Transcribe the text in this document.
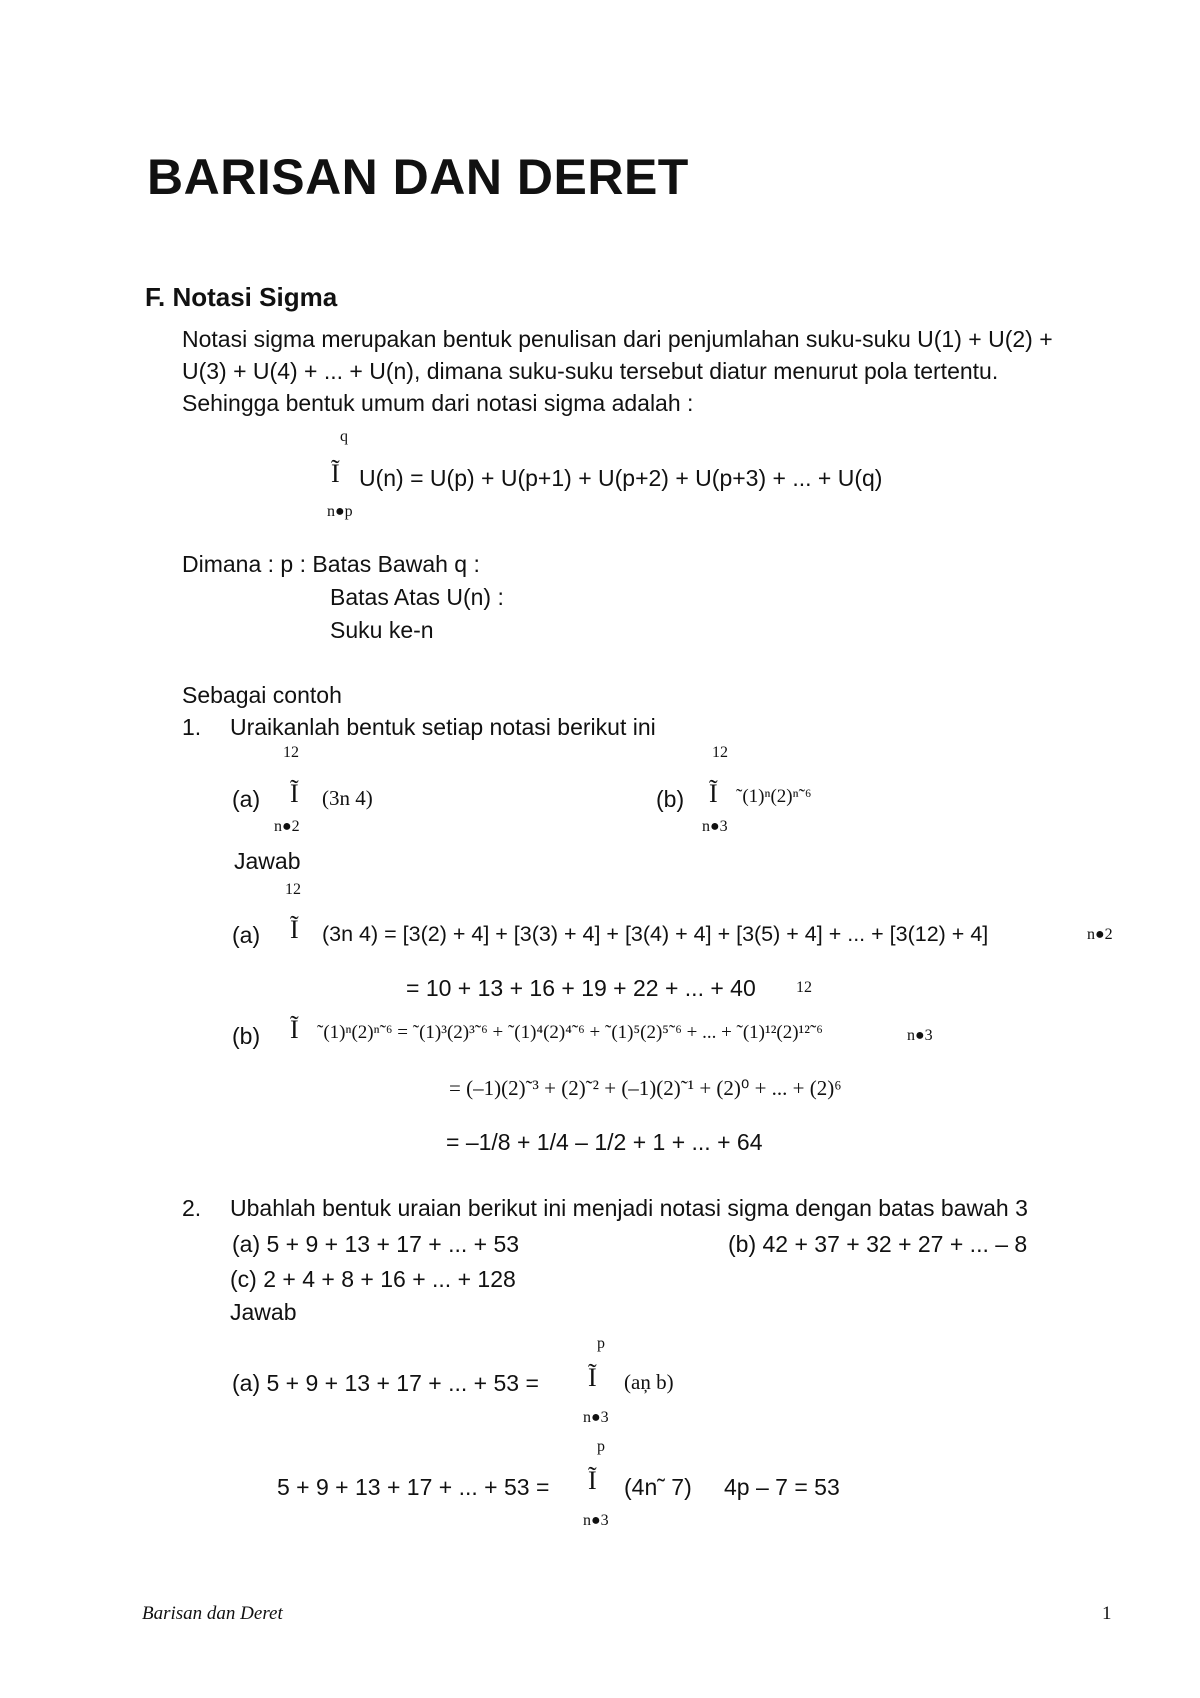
BARISAN DAN DERET
F. Notasi Sigma
Notasi sigma merupakan bentuk penulisan dari penjumlahan suku-suku U(1) + U(2) +
U(3) + U(4) + ... + U(n), dimana suku-suku tersebut diatur menurut pola tertentu.
Sehingga bentuk umum dari notasi sigma adalah :
q
Ĩ U(n) = U(p) + U(p+1) + U(p+2) + U(p+3) + ... + U(q)
n●p
Dimana : p : Batas Bawah q :
Batas Atas U(n) :
Suku ke-n
Sebagai contoh
1. Uraikanlah bentuk setiap notasi berikut ini
12
(a) Ĩ (3n 4)
n●2
12
(b) Ĩ ˜(1)ⁿ(2)ⁿ˜⁶
n●3
Jawab
12
(a) Ĩ (3n 4) = [3(2) + 4] + [3(3) + 4] + [3(4) + 4] + [3(5) + 4] + ... + [3(12) + 4]	n●2
= 10 + 13 + 16 + 19 + 22 + ... + 40	12
(b) Ĩ ˜(1)ⁿ(2)ⁿ˜⁶ = ˜(1)³(2)³˜⁶ + ˜(1)⁴(2)⁴˜⁶ + ˜(1)⁵(2)⁵˜⁶ + ... + ˜(1)¹²(2)¹²˜⁶	n●3
= (–1)(2)˜³ + (2)˜² + (–1)(2)˜¹ + (2)⁰ + ... + (2)⁶
= –1/8 + 1/4 – 1/2 + 1 + ... + 64
2. Ubahlah bentuk uraian berikut ini menjadi notasi sigma dengan batas bawah 3
(a) 5 + 9 + 13 + 17 + ... + 53	(b) 42 + 37 + 32 + 27 + ... – 8
(c) 2 + 4 + 8 + 16 + ... + 128
Jawab
p
(a) 5 + 9 + 13 + 17 + ... + 53 = Ĩ (aņ b)
n●3
p
5 + 9 + 13 + 17 + ... + 53 = Ĩ (4n˜ 7) 4p – 7 = 53
n●3
Barisan dan Deret	1
